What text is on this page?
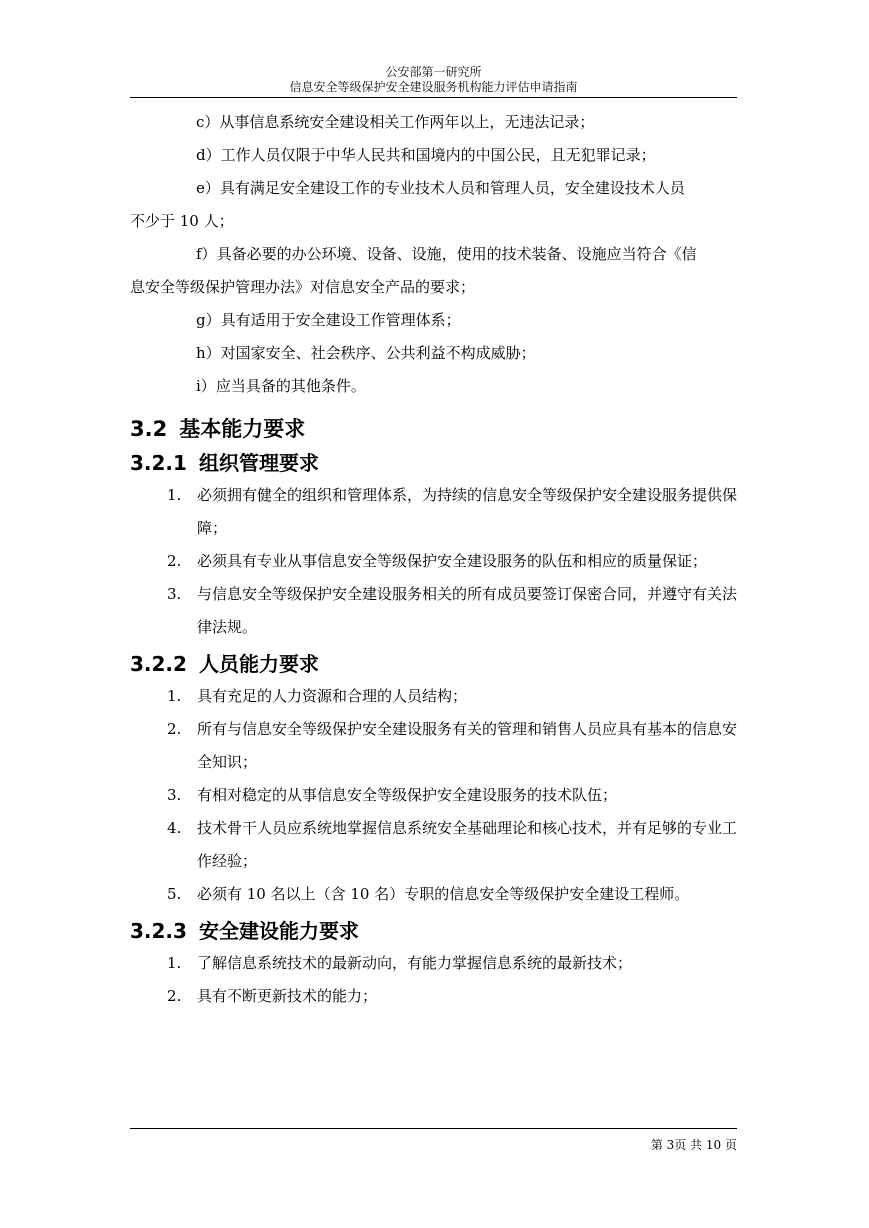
公安部第一研究所
信息安全等级保护安全建设服务机构能力评估申请指南

c）从事信息系统安全建设相关工作两年以上，无违法记录；

d）工作人员仅限于中华人民共和国境内的中国公民，且无犯罪记录；

e）具有满足安全建设工作的专业技术人员和管理人员，安全建设技术人员

不少于 10 人；

f）具备必要的办公环境、设备、设施，使用的技术装备、设施应当符合《信

息安全等级保护管理办法》对信息安全产品的要求；

g）具有适用于安全建设工作管理体系；

h）对国家安全、社会秩序、公共利益不构成威胁；

i）应当具备的其他条件。

3.2 基本能力要求
3.2.1 组织管理要求
1. 必须拥有健全的组织和管理体系，为持续的信息安全等级保护安全建设服务提供保障；
2. 必须具有专业从事信息安全等级保护安全建设服务的队伍和相应的质量保证；
3. 与信息安全等级保护安全建设服务相关的所有成员要签订保密合同，并遵守有关法律法规。
3.2.2 人员能力要求
1. 具有充足的人力资源和合理的人员结构；
2. 所有与信息安全等级保护安全建设服务有关的管理和销售人员应具有基本的信息安全知识；
3. 有相对稳定的从事信息安全等级保护安全建设服务的技术队伍；
4. 技术骨干人员应系统地掌握信息系统安全基础理论和核心技术，并有足够的专业工作经验；
5. 必须有 10 名以上（含 10 名）专职的信息安全等级保护安全建设工程师。
3.2.3 安全建设能力要求
1. 了解信息系统技术的最新动向，有能力掌握信息系统的最新技术；
2. 具有不断更新技术的能力；
第 3页 共 10 页
